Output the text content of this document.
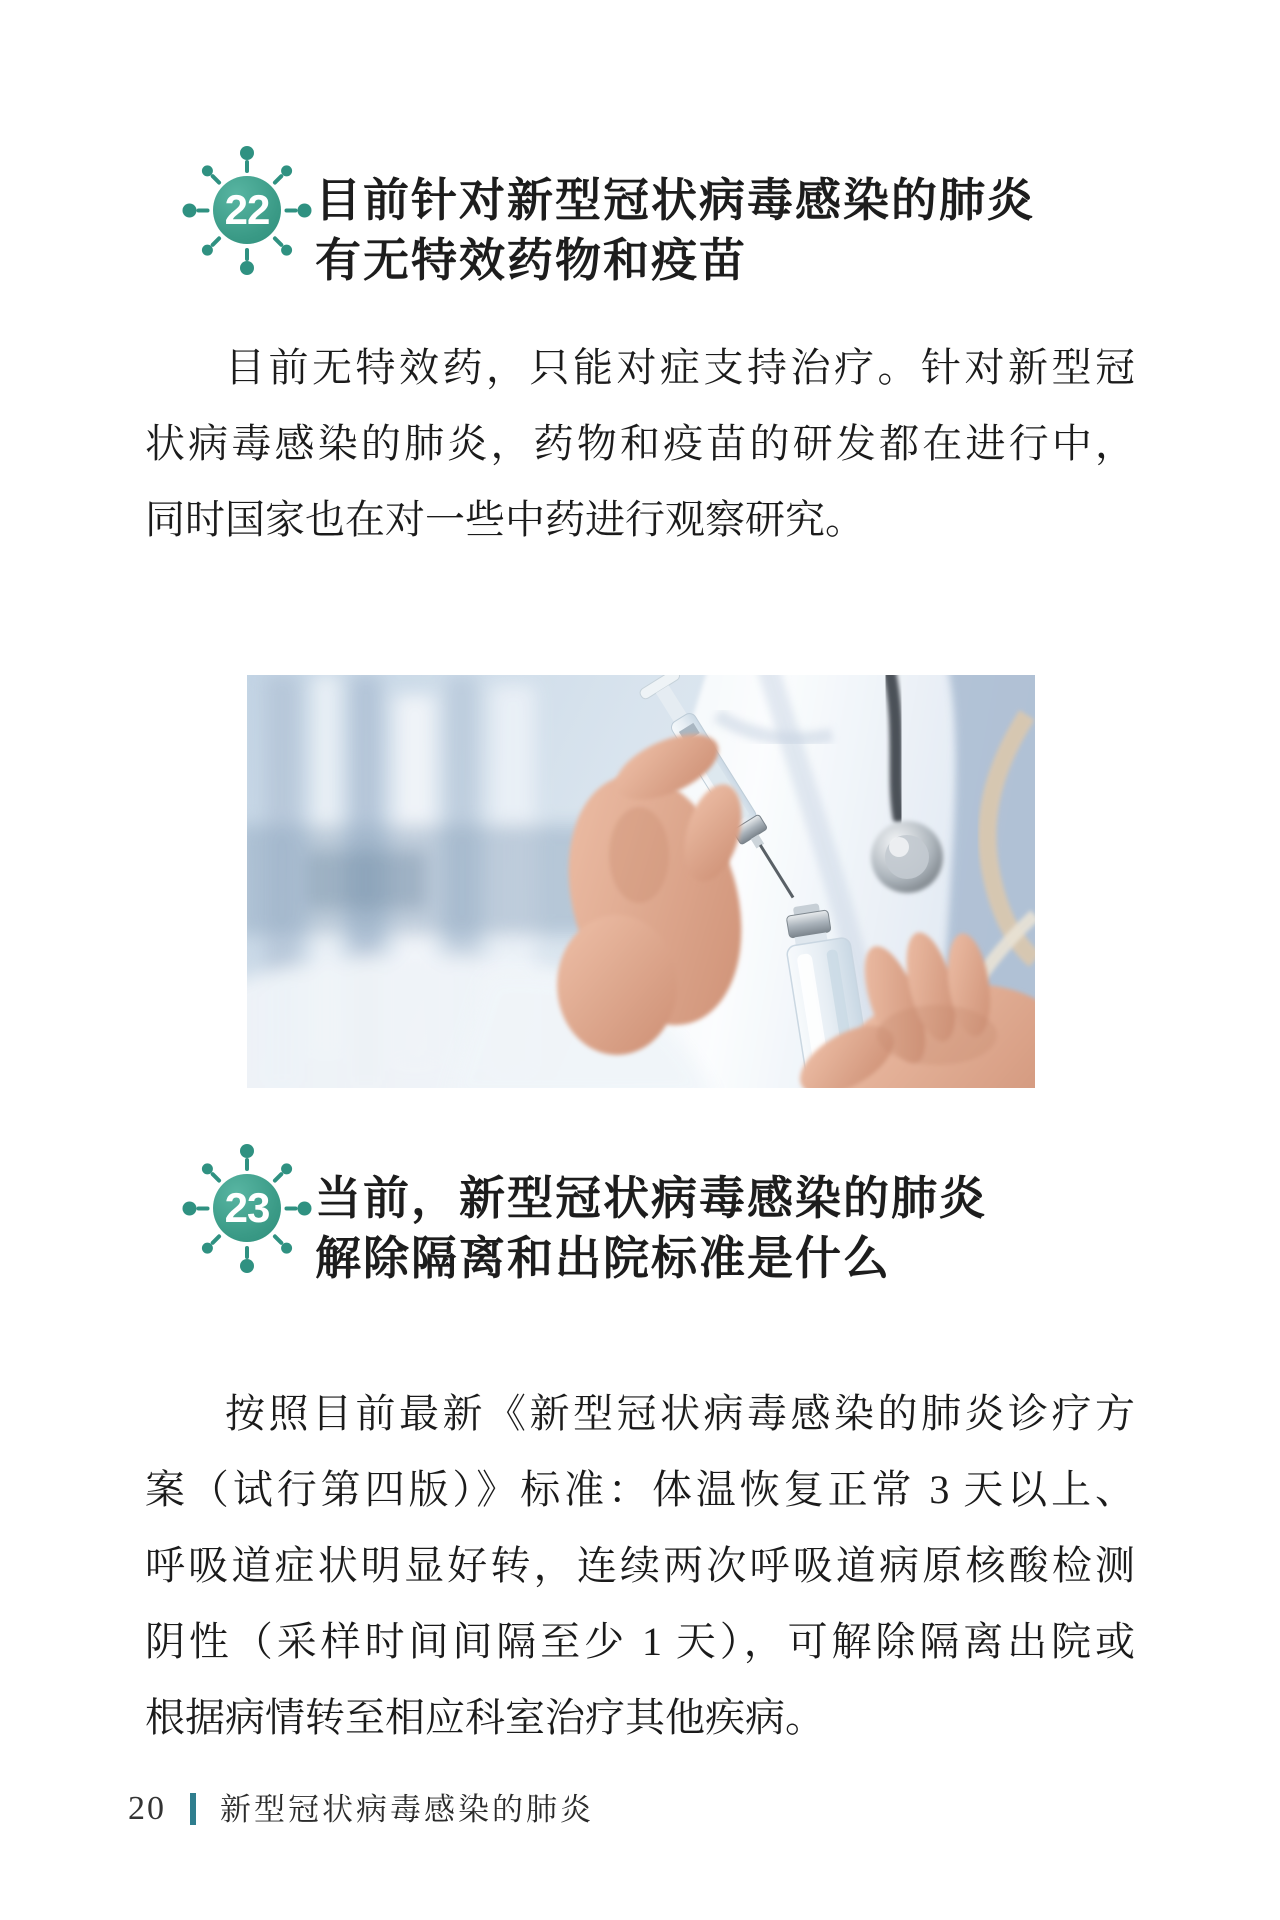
22 目前针对新型冠状病毒感染的肺炎
有无特效药物和疫苗
目前无特效药，只能对症支持治疗。针对新型冠
状病毒感染的肺炎，药物和疫苗的研发都在进行中，
同时国家也在对一些中药进行观察研究。
23 当前，新型冠状病毒感染的肺炎
解除隔离和出院标准是什么
按照目前最新《新型冠状病毒感染的肺炎诊疗方
案（试行第四版）》标准：体温恢复正常 3 天以上、
呼吸道症状明显好转，连续两次呼吸道病原核酸检测
阴性（采样时间间隔至少 1 天），可解除隔离出院或
根据病情转至相应科室治疗其他疾病。
20 新型冠状病毒感染的肺炎
